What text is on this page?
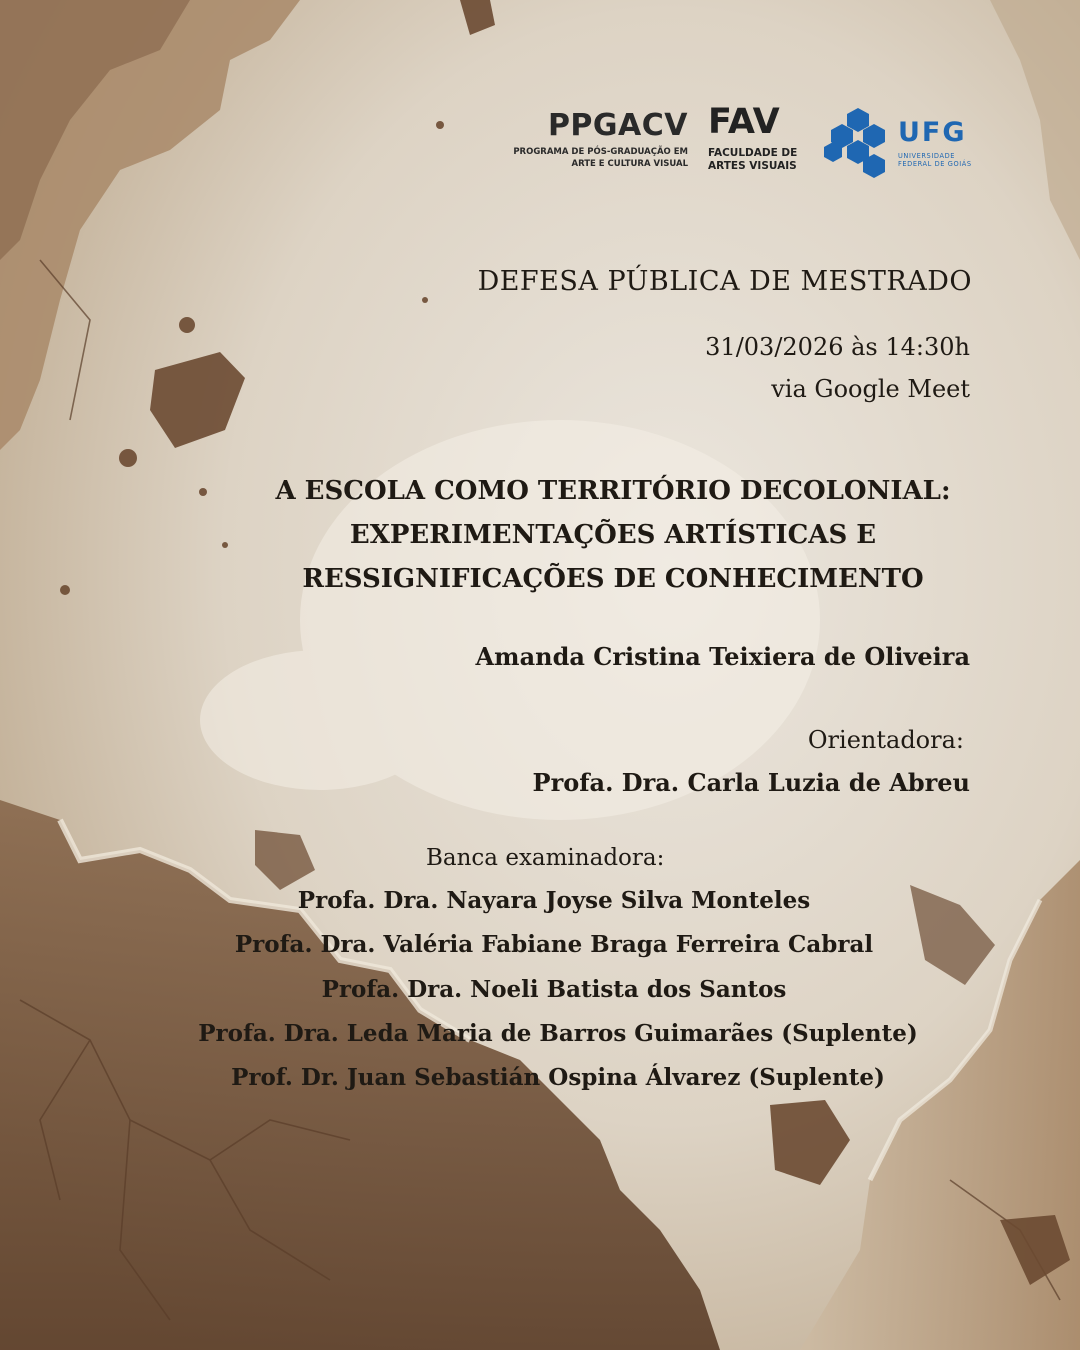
PPGACV
PROGRAMA DE PÓS-GRADUAÇÃO EM
ARTE E CULTURA VISUAL
FAV
FACULDADE DE
ARTES VISUAIS
UFG
UNIVERSIDADE
FEDERAL DE GOIÁS
DEFESA PÚBLICA DE MESTRADO
31/03/2026 às 14:30h
via Google Meet
A ESCOLA COMO TERRITÓRIO DECOLONIAL:
EXPERIMENTAÇÕES ARTÍSTICAS E
RESSIGNIFICAÇÕES DE CONHECIMENTO
Amanda Cristina Teixiera de Oliveira
Orientadora:
Profa. Dra. Carla Luzia de Abreu
Banca examinadora:
Profa. Dra. Nayara Joyse Silva Monteles
Profa. Dra. Valéria Fabiane Braga Ferreira Cabral
Profa. Dra. Noeli Batista dos Santos
Profa. Dra. Leda Maria de Barros Guimarães (Suplente)
Prof. Dr. Juan Sebastián Ospina Álvarez (Suplente)
